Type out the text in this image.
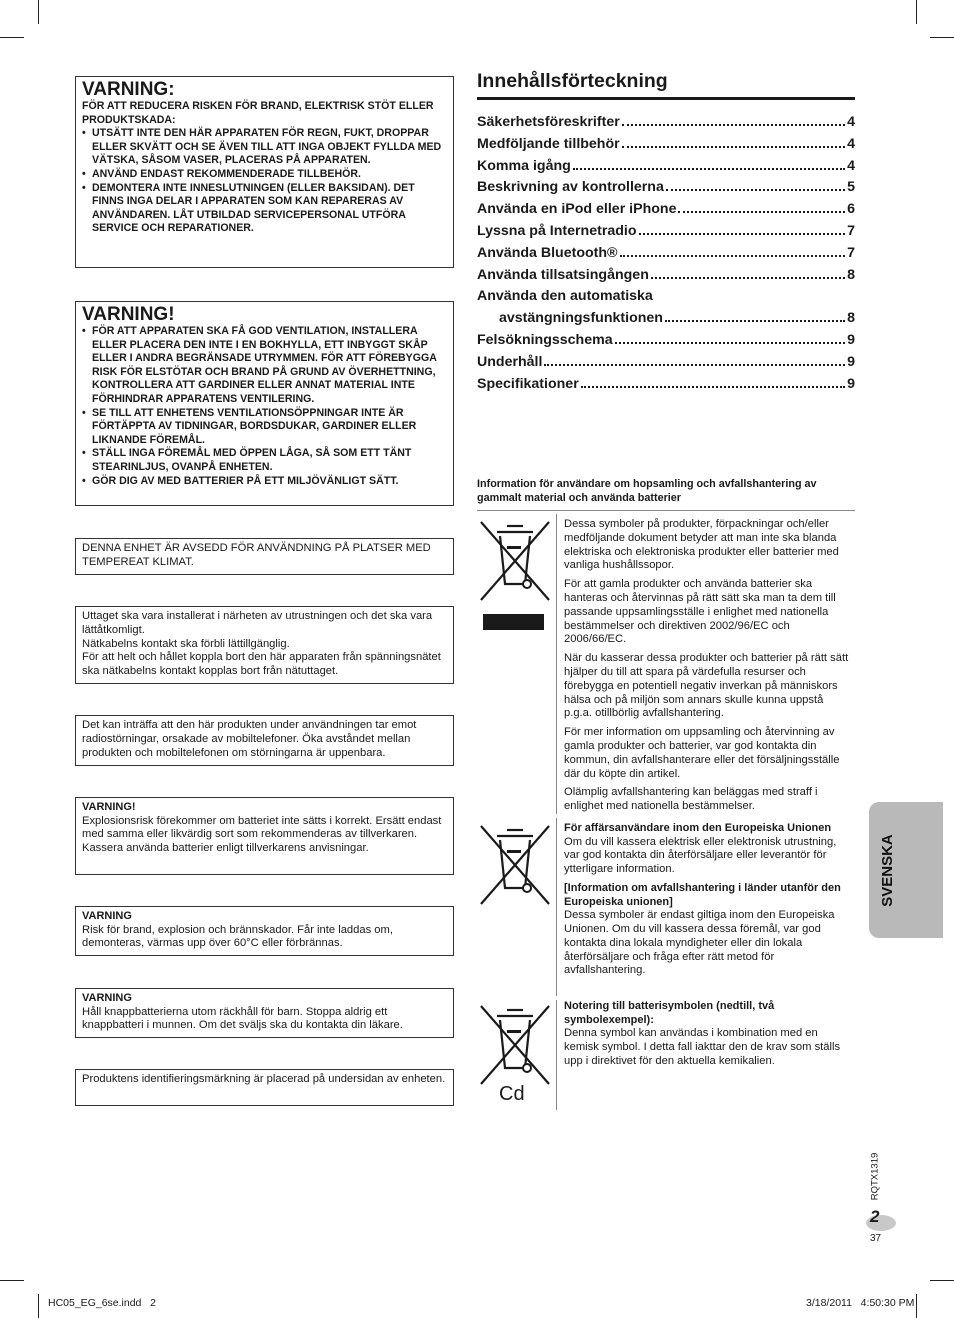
VARNING:
FÖR ATT REDUCERA RISKEN FÖR BRAND, ELEKTRISK STÖT ELLER PRODUKTSKADA:
• UTSÄTT INTE DEN HÄR APPARATEN FÖR REGN, FUKT, DROPPAR ELLER SKVÄTT OCH SE ÄVEN TILL ATT INGA OBJEKT FYLLDA MED VÄTSKA, SÅSOM VASER, PLACERAS PÅ APPARATEN.
• ANVÄND ENDAST REKOMMENDERADE TILLBEHÖR.
• DEMONTERA INTE INNESLUTNINGEN (ELLER BAKSIDAN). DET FINNS INGA DELAR I APPARATEN SOM KAN REPARERAS AV ANVÄNDAREN. LÅT UTBILDAD SERVICEPERSONAL UTFÖRA SERVICE OCH REPARATIONER.
VARNING!
• FÖR ATT APPARATEN SKA FÅ GOD VENTILATION, INSTALLERA ELLER PLACERA DEN INTE I EN BOKHYLLA, ETT INBYGGT SKÅP ELLER I ANDRA BEGRÄNSADE UTRYMMEN. FÖR ATT FÖREBYGGA RISK FÖR ELSTÖTAR OCH BRAND PÅ GRUND AV ÖVERHETTNING, KONTROLLERA ATT GARDINER ELLER ANNAT MATERIAL INTE FÖRHINDRAR APPARATENS VENTILERING.
• SE TILL ATT ENHETENS VENTILATIONSÖPPNINGAR INTE ÄR FÖRTÄPPTA AV TIDNINGAR, BORDSDUKAR, GARDINER ELLER LIKNANDE FÖREMÅL.
• STÄLL INGA FÖREMÅL MED ÖPPEN LÅGA, SÅ SOM ETT TÄNT STEARINLJUS, OVANPÅ ENHETEN.
• GÖR DIG AV MED BATTERIER PÅ ETT MILJÖVÄNLIGT SÄTT.
DENNA ENHET ÄR AVSEDD FÖR ANVÄNDNING PÅ PLATSER MED TEMPEREAT KLIMAT.
Uttaget ska vara installerat i närheten av utrustningen och det ska vara lättåtkomligt.
Nätkabelns kontakt ska förbli lättillgänglig.
För att helt och hållet koppla bort den här apparaten från spänningsnätet ska nätkabelns kontakt kopplas bort från nätuttaget.
Det kan inträffa att den här produkten under användningen tar emot radiostörningar, orsakade av mobiltelefoner. Öka avståndet mellan produkten och mobiltelefonen om störningarna är uppenbara.
VARNING!
Explosionsrisk förekommer om batteriet inte sätts i korrekt. Ersätt endast med samma eller likvärdig sort som rekommenderas av tillverkaren. Kassera använda batterier enligt tillverkarens anvisningar.
VARNING
Risk för brand, explosion och brännskador. Får inte laddas om, demonteras, värmas upp över 60°C eller förbrännas.
VARNING
Håll knappbatterierna utom räckhåll för barn. Stoppa aldrig ett knappbatteri i munnen. Om det sväljs ska du kontakta din läkare.
Produktens identifieringsmärkning är placerad på undersidan av enheten.
Innehållsförteckning
Säkerhetsföreskrifter	4
Medföljande tillbehör	4
Komma igång	4
Beskrivning av kontrollerna	5
Använda en iPod eller iPhone	6
Lyssna på Internetradio	7
Använda Bluetooth®	7
Använda tillsatsingången	8
Använda den automatiska
avstängningsfunktionen	8
Felsökningsschema	9
Underhåll	9
Specifikationer	9
Information för användare om hopsamling och avfallshantering av gammalt material och använda batterier

Dessa symboler på produkter, förpackningar och/eller medföljande dokument betyder att man inte ska blanda elektriska och elektroniska produkter eller batterier med vanliga hushållssopor.

För att gamla produkter och använda batterier ska hanteras och återvinnas på rätt sätt ska man ta dem till passande uppsamlingsställe i enlighet med nationella bestämmelser och direktiven 2002/96/EC och 2006/66/EC.

När du kasserar dessa produkter och batterier på rätt sätt hjälper du till att spara på värdefulla resurser och förebygga en potentiell negativ inverkan på människors hälsa och på miljön som annars skulle kunna uppstå p.g.a. otillbörlig avfallshantering.

För mer information om uppsamling och återvinning av gamla produkter och batterier, var god kontakta din kommun, din avfallshanterare eller det försäljningsställe där du köpte din artikel.

Olämplig avfallshantering kan beläggas med straff i enlighet med nationella bestämmelser.

För affärsanvändare inom den Europeiska Unionen

Om du vill kassera elektrisk eller elektronisk utrustning, var god kontakta din återförsäljare eller leverantör för ytterligare information.

[Information om avfallshantering i länder utanför den Europeiska unionen]

Dessa symboler är endast giltiga inom den Europeiska Unionen. Om du vill kassera dessa föremål, var god kontakta dina lokala myndigheter eller din lokala återförsäljare och fråga efter rätt metod för avfallshantering.

Cd

Notering till batterisymbolen (nedtill, två symbolexempel):

Denna symbol kan användas i kombination med en kemisk symbol. I detta fall iakttar den de krav som ställs upp i direktivet för den aktuella kemikalien.

SVENSKA
RQTX1319
2
37
HC05_EG_6se.indd   2	3/18/2011   4:50:30 PM
